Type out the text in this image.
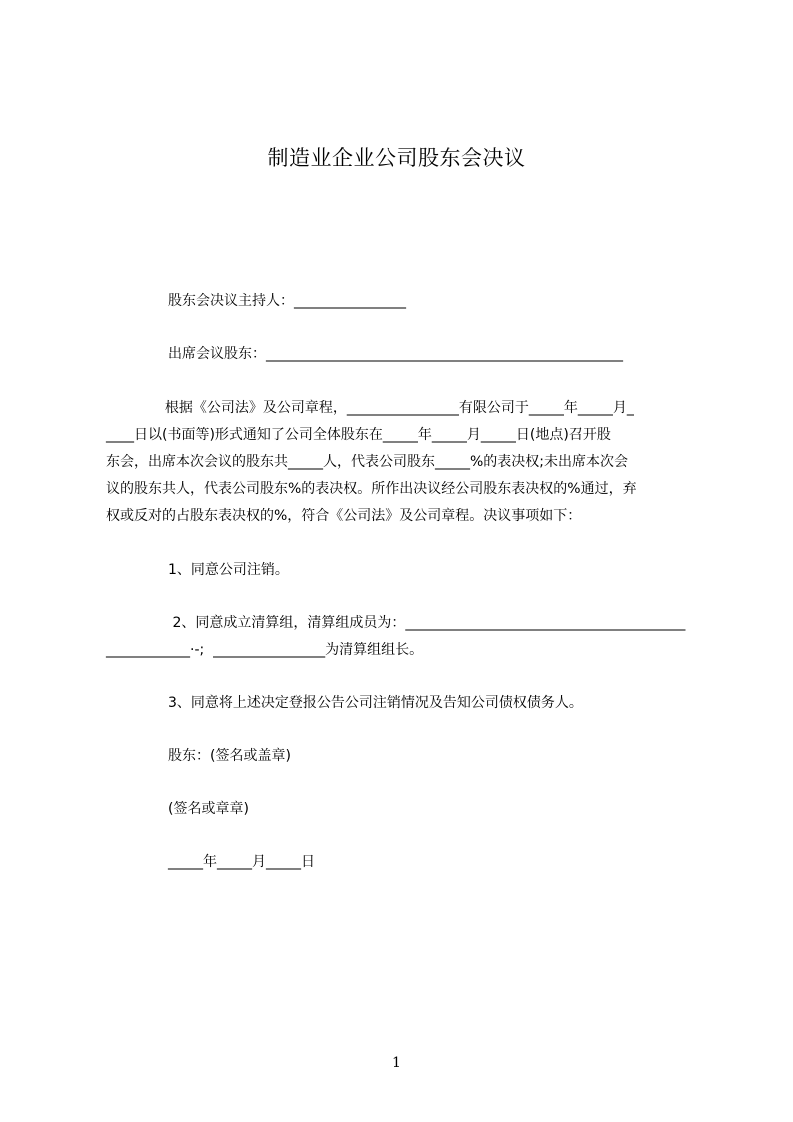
制造业企业公司股东会决议
股东会决议主持人：________________
出席会议股东：___________________________________________________
根据《公司法》及公司章程，________________有限公司于_____年_____月_
____日以(书面等)形式通知了公司全体股东在_____年_____月_____日(地点)召开股
东会，出席本次会议的股东共_____人，代表公司股东_____%的表决权;未出席本次会
议的股东共人，代表公司股东%的表决权。所作出决议经公司股东表决权的%通过，弃
权或反对的占股东表决权的%，符合《公司法》及公司章程。决议事项如下：
1、同意公司注销。
2、同意成立清算组，清算组成员为：________________________________________
____________·-;  ________________为清算组组长。
3、同意将上述决定登报公告公司注销情况及告知公司债权债务人。
股东：(签名或盖章)
(签名或章章)
_____年_____月_____日
1
